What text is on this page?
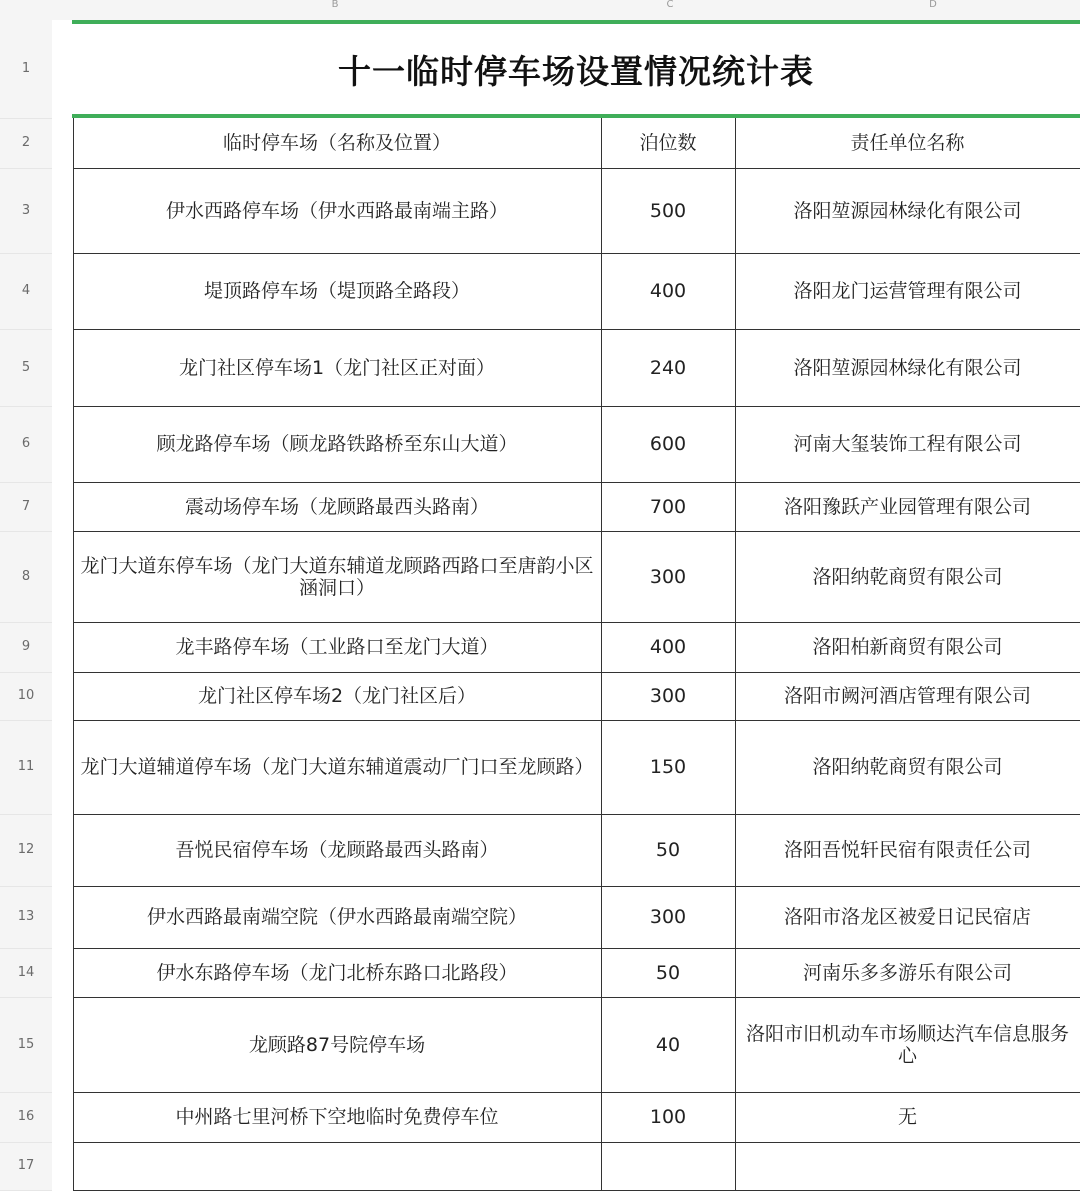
B	C	D
1
2
3
4
5
6
7
8
9
10
11
12
13
14
15
16
17
十一临时停车场设置情况统计表
临时停车场（名称及位置）	泊位数	责任单位名称
伊水西路停车场（伊水西路最南端主路）	500	洛阳堃源园林绿化有限公司
堤顶路停车场（堤顶路全路段）	400	洛阳龙门运营管理有限公司
龙门社区停车场1（龙门社区正对面）	240	洛阳堃源园林绿化有限公司
顾龙路停车场（顾龙路铁路桥至东山大道）	600	河南大玺装饰工程有限公司
震动场停车场（龙顾路最西头路南）	700	洛阳豫跃产业园管理有限公司
龙门大道东停车场（龙门大道东辅道龙顾路西路口至唐韵小区涵洞口）	300	洛阳纳乾商贸有限公司
龙丰路停车场（工业路口至龙门大道）	400	洛阳柏新商贸有限公司
龙门社区停车场2（龙门社区后）	300	洛阳市阙河酒店管理有限公司
龙门大道辅道停车场（龙门大道东辅道震动厂门口至龙顾路）	150	洛阳纳乾商贸有限公司
吾悦民宿停车场（龙顾路最西头路南）	50	洛阳吾悦轩民宿有限责任公司
伊水西路最南端空院（伊水西路最南端空院）	300	洛阳市洛龙区被爱日记民宿店
伊水东路停车场（龙门北桥东路口北路段）	50	河南乐多多游乐有限公司
龙顾路87号院停车场	40	洛阳市旧机动车市场顺达汽车信息服务心
中州路七里河桥下空地临时免费停车位	100	无
